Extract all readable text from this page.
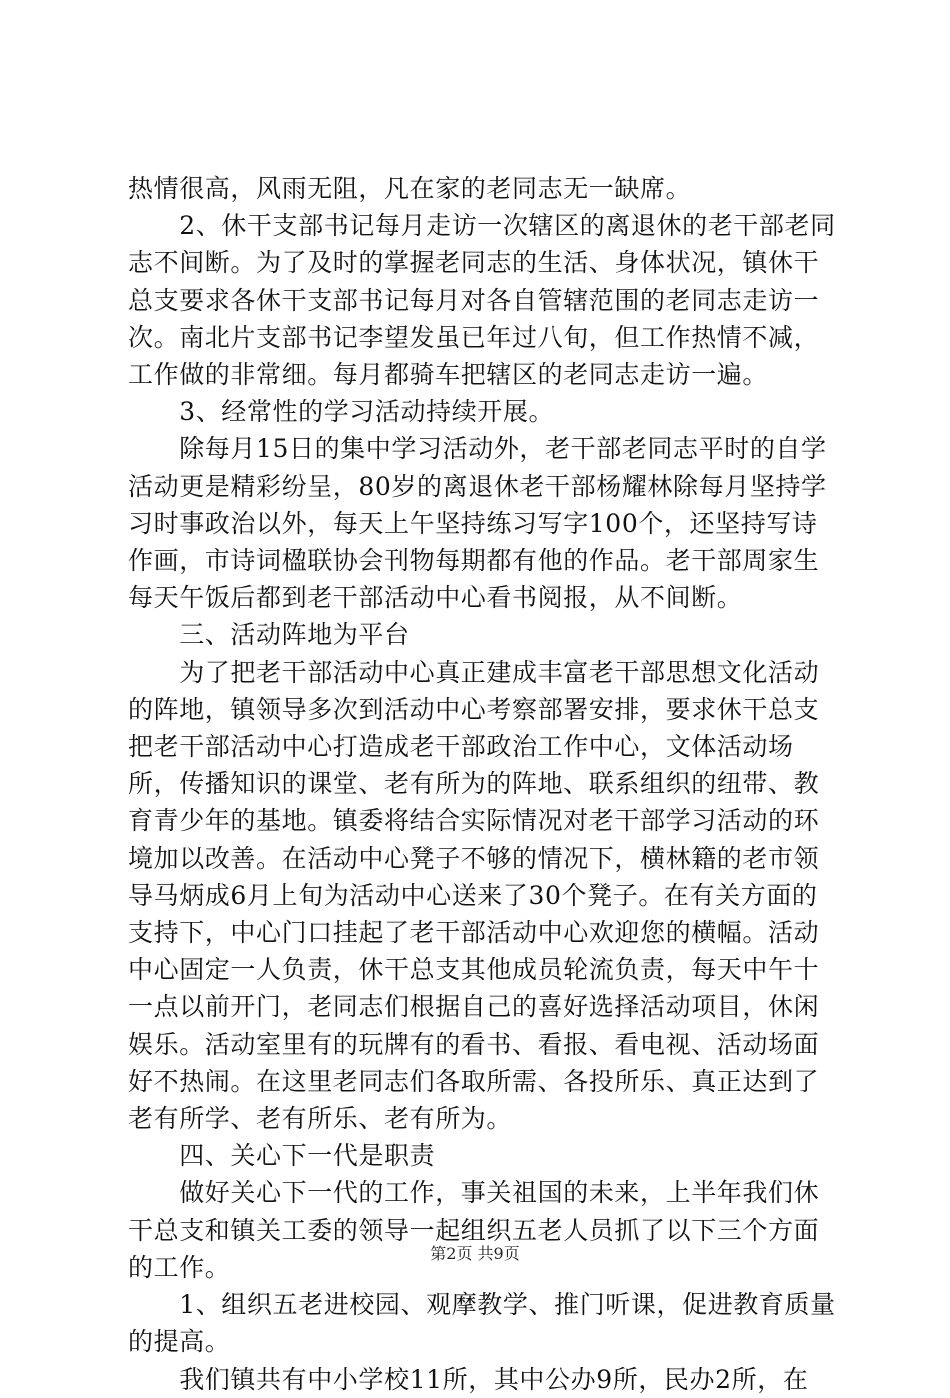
热情很高，风雨无阻，凡在家的老同志无一缺席。

　　2、休干支部书记每月走访一次辖区的离退休的老干部老同志不间断。为了及时的掌握老同志的生活、身体状况，镇休干总支要求各休干支部书记每月对各自管辖范围的老同志走访一次。南北片支部书记李望发虽已年过八旬，但工作热情不减，工作做的非常细。每月都骑车把辖区的老同志走访一遍。

　　3、经常性的学习活动持续开展。

　　除每月15日的集中学习活动外，老干部老同志平时的自学活动更是精彩纷呈，80岁的离退休老干部杨耀林除每月坚持学习时事政治以外，每天上午坚持练习写字100个，还坚持写诗作画，市诗词楹联协会刊物每期都有他的作品。老干部周家生每天午饭后都到老干部活动中心看书阅报，从不间断。

　　三、活动阵地为平台

　　为了把老干部活动中心真正建成丰富老干部思想文化活动的阵地，镇领导多次到活动中心考察部署安排，要求休干总支把老干部活动中心打造成老干部政治工作中心，文体活动场所，传播知识的课堂、老有所为的阵地、联系组织的纽带、教育青少年的基地。镇委将结合实际情况对老干部学习活动的环境加以改善。在活动中心凳子不够的情况下，横林籍的老市领导马炳成6月上旬为活动中心送来了30个凳子。在有关方面的支持下，中心门口挂起了老干部活动中心欢迎您的横幅。活动中心固定一人负责，休干总支其他成员轮流负责，每天中午十一点以前开门，老同志们根据自己的喜好选择活动项目，休闲娱乐。活动室里有的玩牌有的看书、看报、看电视、活动场面好不热闹。在这里老同志们各取所需、各投所乐、真正达到了老有所学、老有所乐、老有所为。

　　四、关心下一代是职责

　　做好关心下一代的工作，事关祖国的未来，上半年我们休干总支和镇关工委的领导一起组织五老人员抓了以下三个方面的工作。

　　1、组织五老进校园、观摩教学、推门听课，促进教育质量的提高。

　　我们镇共有中小学校11所，其中公办9所，民办2所，在

第2页 共9页
